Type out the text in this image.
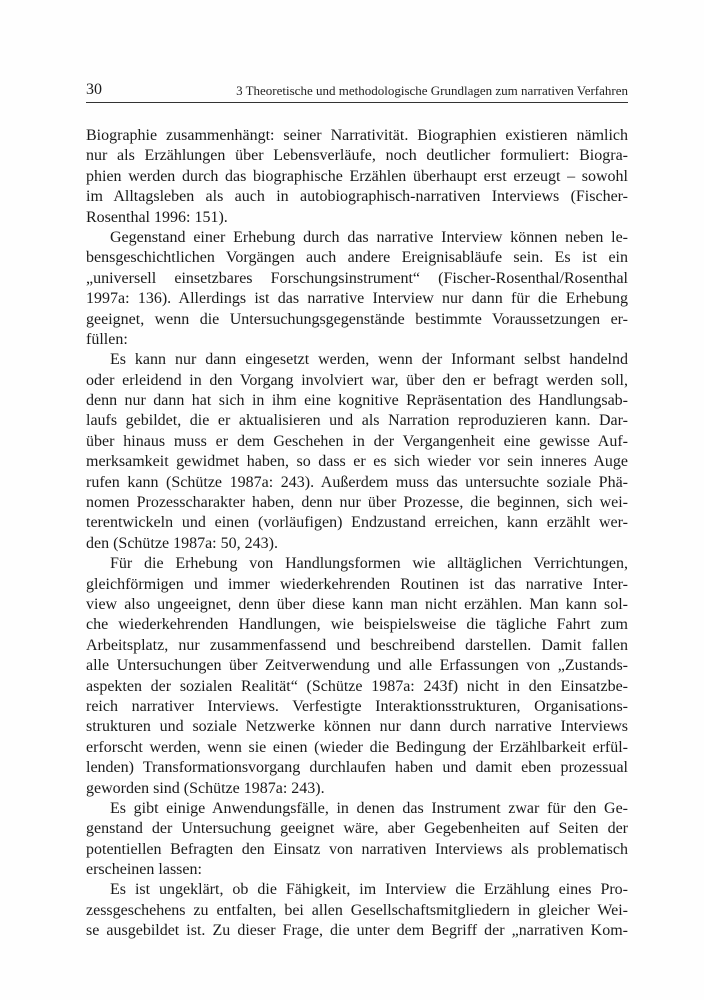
30	3 Theoretische und methodologische Grundlagen zum narrativen Verfahren
Biographie zusammenhängt: seiner Narrativität. Biographien existieren nämlich
nur als Erzählungen über Lebensverläufe, noch deutlicher formuliert: Biogra-
phien werden durch das biographische Erzählen überhaupt erst erzeugt – sowohl
im Alltagsleben als auch in autobiographisch-narrativen Interviews (Fischer-
Rosenthal 1996: 151).
Gegenstand einer Erhebung durch das narrative Interview können neben le-
bensgeschichtlichen Vorgängen auch andere Ereignisabläufe sein. Es ist ein
„universell einsetzbares Forschungsinstrument“ (Fischer-Rosenthal/Rosenthal
1997a: 136). Allerdings ist das narrative Interview nur dann für die Erhebung
geeignet, wenn die Untersuchungsgegenstände bestimmte Voraussetzungen er-
füllen:
Es kann nur dann eingesetzt werden, wenn der Informant selbst handelnd
oder erleidend in den Vorgang involviert war, über den er befragt werden soll,
denn nur dann hat sich in ihm eine kognitive Repräsentation des Handlungsab-
laufs gebildet, die er aktualisieren und als Narration reproduzieren kann. Dar-
über hinaus muss er dem Geschehen in der Vergangenheit eine gewisse Auf-
merksamkeit gewidmet haben, so dass er es sich wieder vor sein inneres Auge
rufen kann (Schütze 1987a: 243). Außerdem muss das untersuchte soziale Phä-
nomen Prozesscharakter haben, denn nur über Prozesse, die beginnen, sich wei-
terentwickeln und einen (vorläufigen) Endzustand erreichen, kann erzählt wer-
den (Schütze 1987a: 50, 243).
Für die Erhebung von Handlungsformen wie alltäglichen Verrichtungen,
gleichförmigen und immer wiederkehrenden Routinen ist das narrative Inter-
view also ungeeignet, denn über diese kann man nicht erzählen. Man kann sol-
che wiederkehrenden Handlungen, wie beispielsweise die tägliche Fahrt zum
Arbeitsplatz, nur zusammenfassend und beschreibend darstellen. Damit fallen
alle Untersuchungen über Zeitverwendung und alle Erfassungen von „Zustands-
aspekten der sozialen Realität“ (Schütze 1987a: 243f) nicht in den Einsatzbe-
reich narrativer Interviews. Verfestigte Interaktionsstrukturen, Organisations-
strukturen und soziale Netzwerke können nur dann durch narrative Interviews
erforscht werden, wenn sie einen (wieder die Bedingung der Erzählbarkeit erfül-
lenden) Transformationsvorgang durchlaufen haben und damit eben prozessual
geworden sind (Schütze 1987a: 243).
Es gibt einige Anwendungsfälle, in denen das Instrument zwar für den Ge-
genstand der Untersuchung geeignet wäre, aber Gegebenheiten auf Seiten der
potentiellen Befragten den Einsatz von narrativen Interviews als problematisch
erscheinen lassen:
Es ist ungeklärt, ob die Fähigkeit, im Interview die Erzählung eines Pro-
zessgeschehens zu entfalten, bei allen Gesellschaftsmitgliedern in gleicher Wei-
se ausgebildet ist. Zu dieser Frage, die unter dem Begriff der „narrativen Kom-
